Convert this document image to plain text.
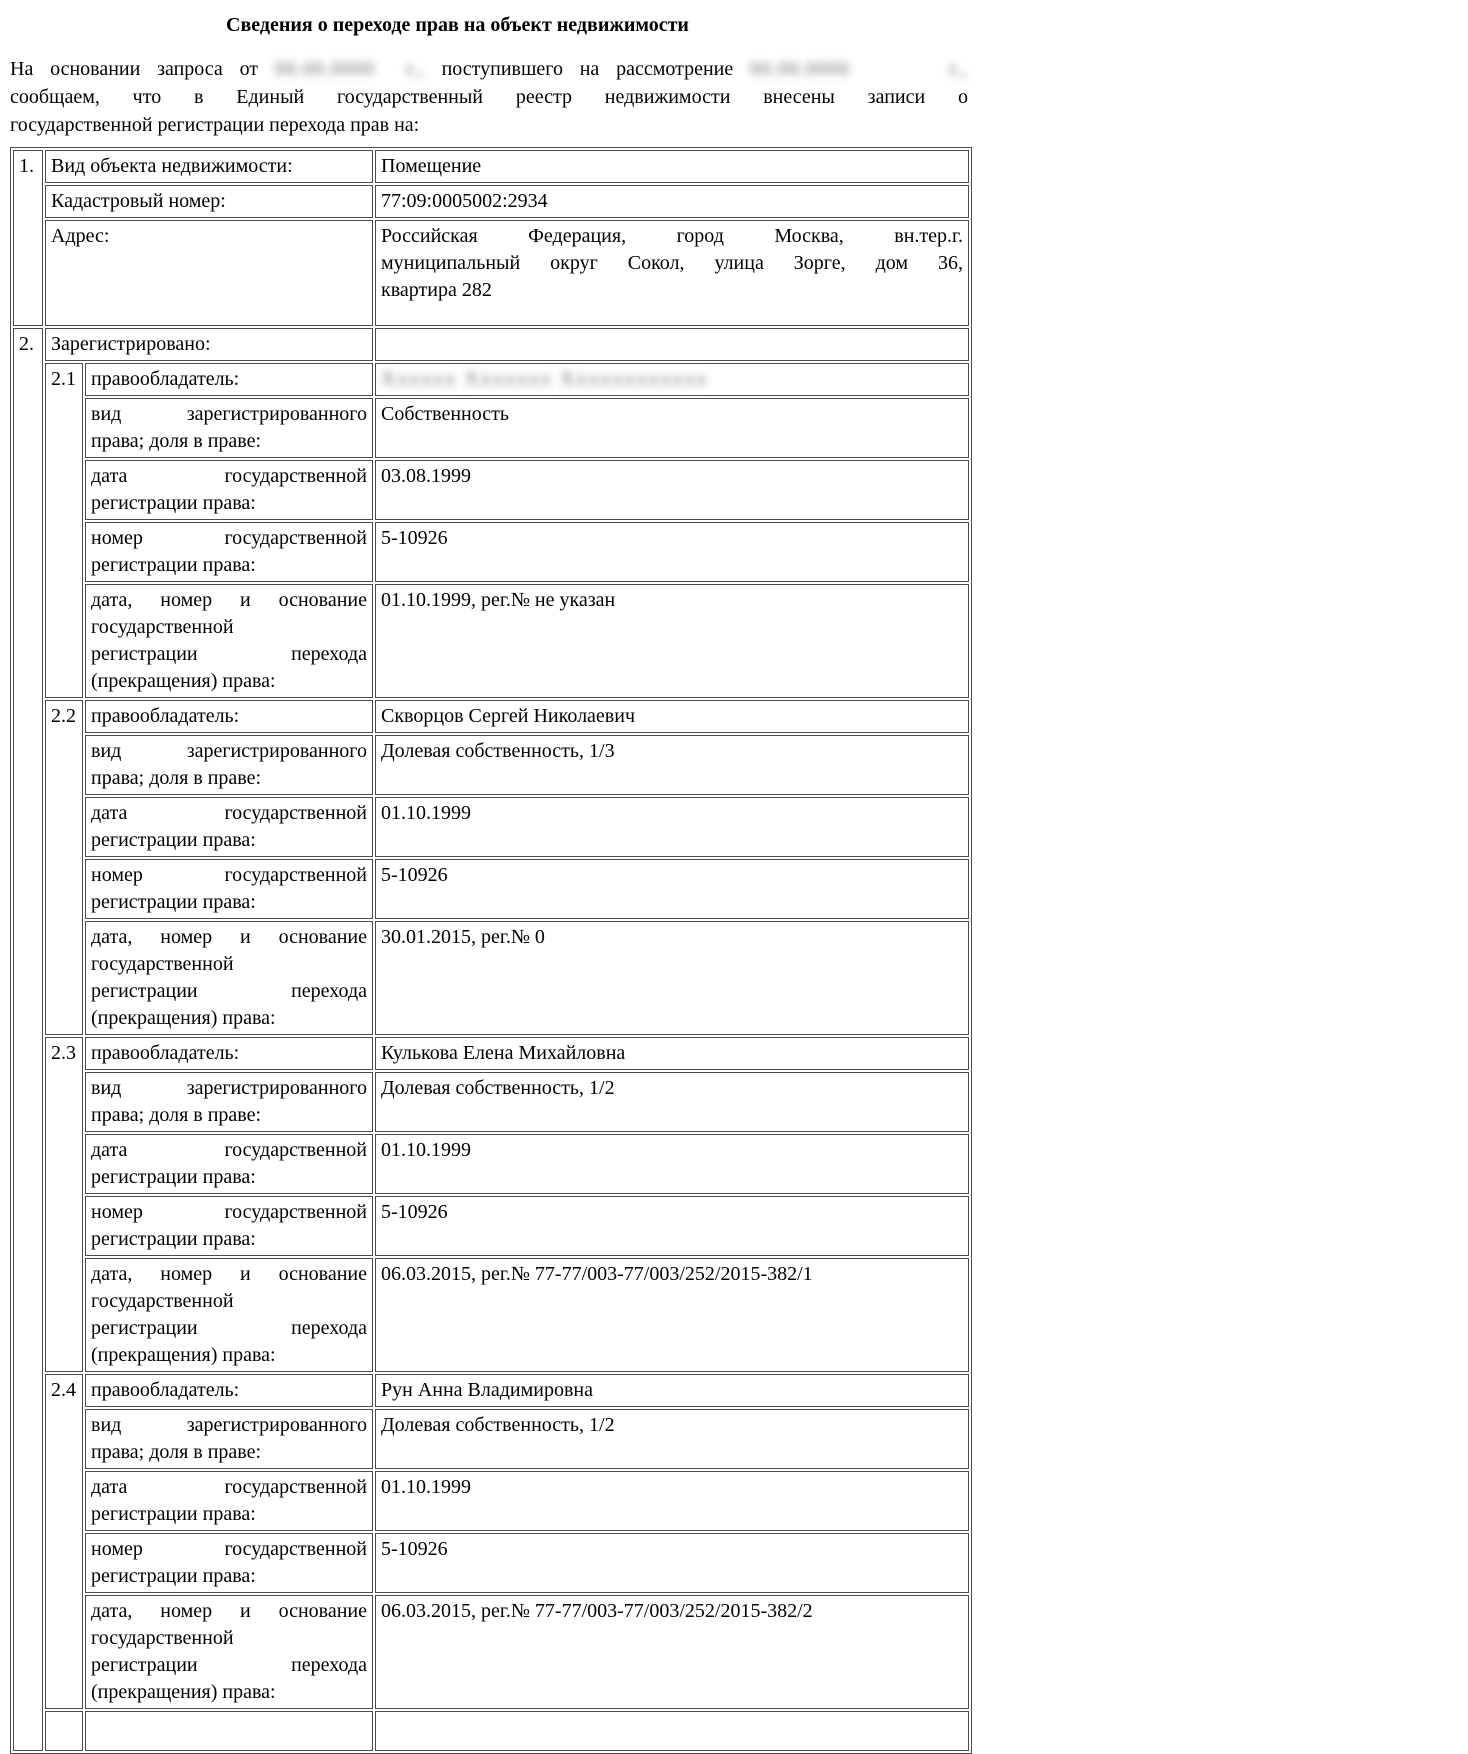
Сведения о переходе прав на объект недвижимости

На основании запроса от 00.00.0000 г., поступившего на рассмотрение 00.00.0000 г.,
сообщаем, что в Единый государственный реестр недвижимости внесены записи о
государственной регистрации перехода прав на:
1.	Вид объекта недвижимости:		Помещение
	Кадастровый номер:		77:09:0005002:2934
	Адрес:		Российская Федерация, город Москва, вн.тер.г.
муниципальный округ Сокол, улица Зорге, дом 36,
квартира 282

2.	Зарегистрировано:		
	2.1	правообладатель:	Хххххх Ххххххх Хххххххххххх

		вид зарегистрированного
права; доля в праве:	Собственность

		дата государственной
регистрации права:	03.08.1999

		номер государственной
регистрации права:	5-10926

		дата, номер и основание
государственной
регистрации перехода
(прекращения) права:	01.10.1999, рег.№ не указан
	2.2	правообладатель:	Скворцов Сергей Николаевич

		вид зарегистрированного
права; доля в праве:	Долевая собственность, 1/3

		дата государственной
регистрации права:	01.10.1999

		номер государственной
регистрации права:	5-10926

		дата, номер и основание
государственной
регистрации перехода
(прекращения) права:	30.01.2015, рег.№ 0
	2.3	правообладатель:	Кулькова Елена Михайловна

		вид зарегистрированного
права; доля в праве:	Долевая собственность, 1/2

		дата государственной
регистрации права:	01.10.1999

		номер государственной
регистрации права:	5-10926

		дата, номер и основание
государственной
регистрации перехода
(прекращения) права:	06.03.2015, рег.№ 77-77/003-77/003/252/2015-382/1
	2.4	правообладатель:	Рун Анна Владимировна

		вид зарегистрированного
права; доля в праве:	Долевая собственность, 1/2

		дата государственной
регистрации права:	01.10.1999

		номер государственной
регистрации права:	5-10926

		дата, номер и основание
государственной
регистрации перехода
(прекращения) права:	06.03.2015, рег.№ 77-77/003-77/003/252/2015-382/2
